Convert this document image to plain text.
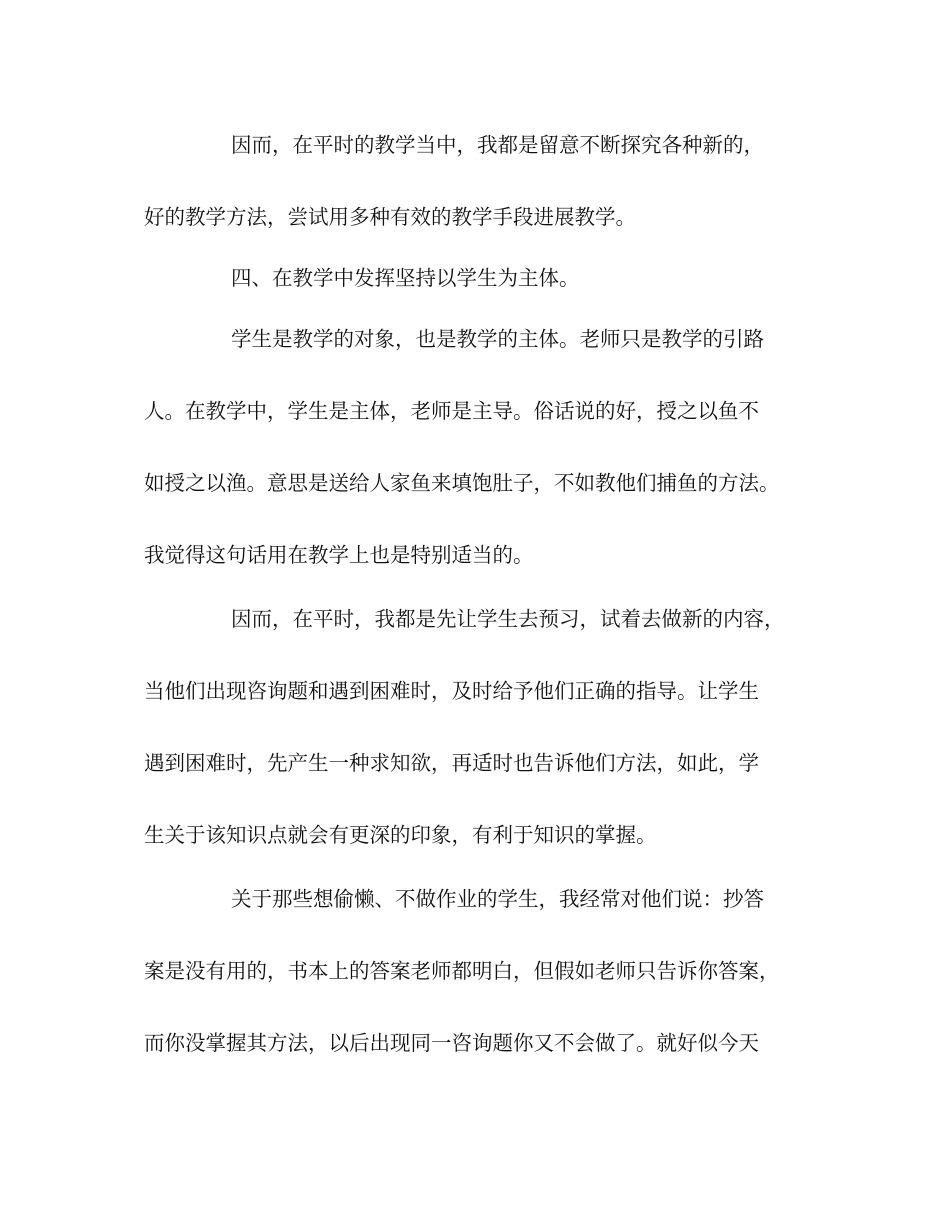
因而，在平时的教学当中，我都是留意不断探究各种新的，
好的教学方法，尝试用多种有效的教学手段进展教学。
四、在教学中发挥坚持以学生为主体。
学生是教学的对象，也是教学的主体。老师只是教学的引路
人。在教学中，学生是主体，老师是主导。俗话说的好，授之以鱼不
如授之以渔。意思是送给人家鱼来填饱肚子，不如教他们捕鱼的方法。
我觉得这句话用在教学上也是特别适当的。
因而，在平时，我都是先让学生去预习，试着去做新的内容，
当他们出现咨询题和遇到困难时，及时给予他们正确的指导。让学生
遇到困难时，先产生一种求知欲，再适时也告诉他们方法，如此，学
生关于该知识点就会有更深的印象，有利于知识的掌握。
关于那些想偷懒、不做作业的学生，我经常对他们说：抄答
案是没有用的，书本上的答案老师都明白，但假如老师只告诉你答案，
而你没掌握其方法，以后出现同一咨询题你又不会做了。就好似今天
